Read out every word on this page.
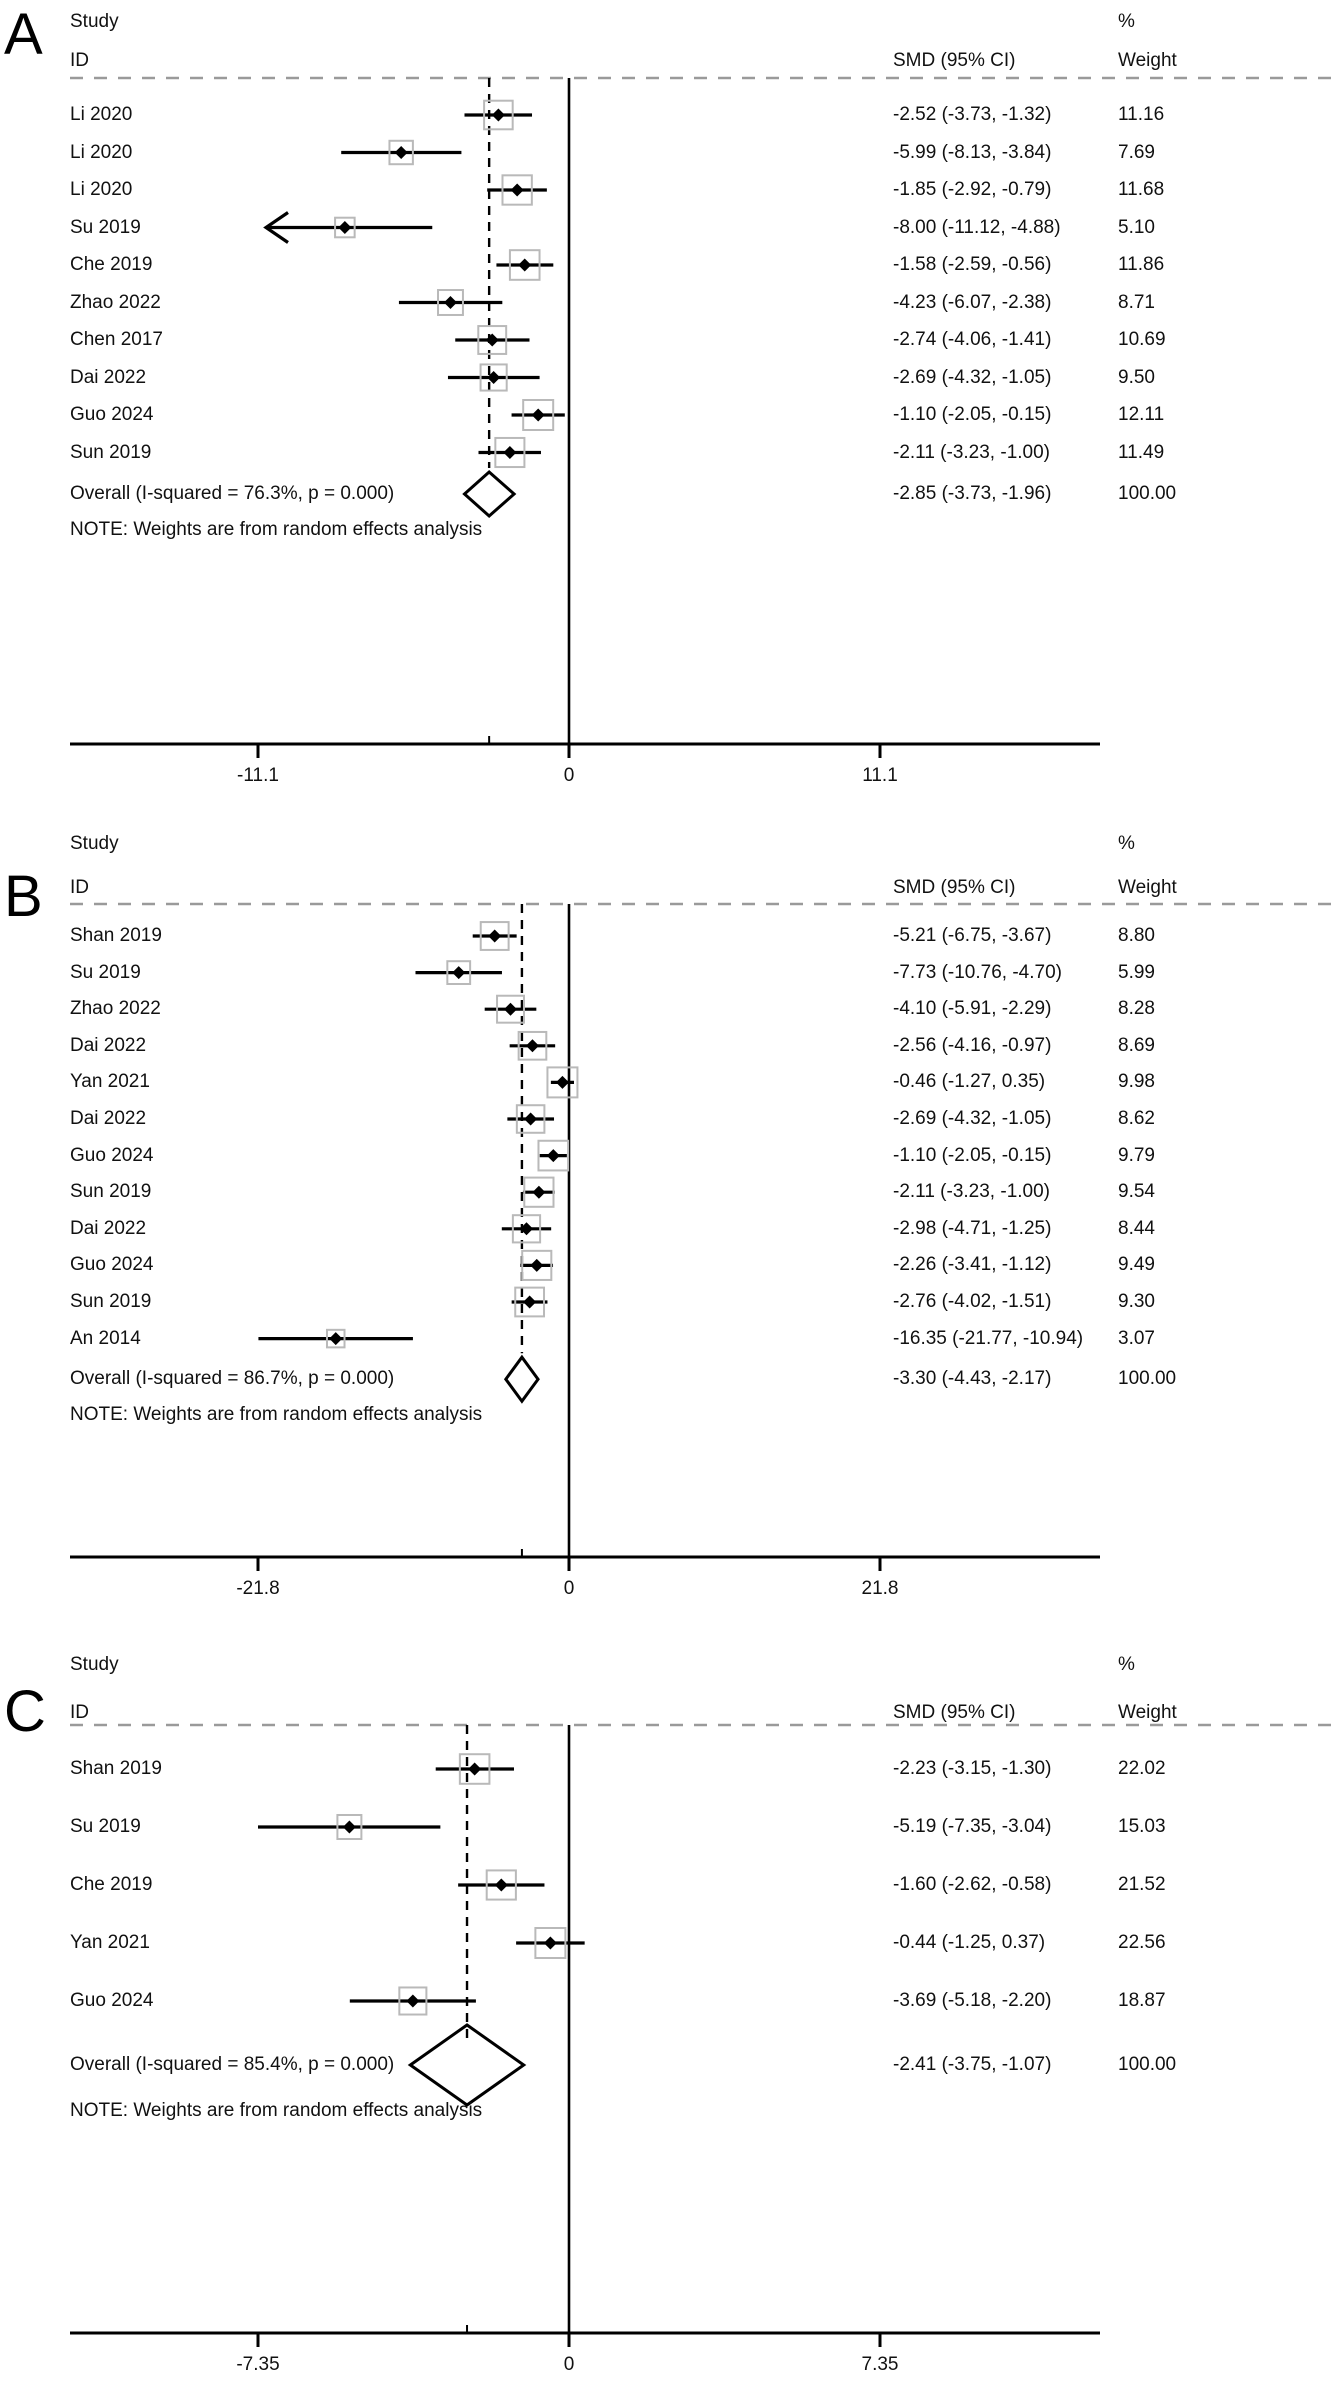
A Study
ID
%
SMD (95% CI)	Weight
Li 2020	-2.52 (-3.73, -1.32)	11.16
Li 2020	-5.99 (-8.13, -3.84)	7.69
Li 2020	-1.85 (-2.92, -0.79)	11.68
Su 2019	-8.00 (-11.12, -4.88)	5.10
Che 2019	-1.58 (-2.59, -0.56)	11.86
Zhao 2022	-4.23 (-6.07, -2.38)	8.71
Chen 2017	-2.74 (-4.06, -1.41)	10.69
Dai 2022	-2.69 (-4.32, -1.05)	9.50
Guo 2024	-1.10 (-2.05, -0.15)	12.11
Sun 2019	-2.11 (-3.23, -1.00)	11.49
Overall (I-squared = 76.3%, p = 0.000)	-2.85 (-3.73, -1.96)	100.00
NOTE: Weights are from random effects analysis
-11.1	0	11.1
B
Study
ID
%
SMD (95% CI)	Weight
Shan 2019	-5.21 (-6.75, -3.67)	8.80
Su 2019	-7.73 (-10.76, -4.70)	5.99
Zhao 2022	-4.10 (-5.91, -2.29)	8.28
Dai 2022	-2.56 (-4.16, -0.97)	8.69
Yan 2021	-0.46 (-1.27, 0.35)	9.98
Dai 2022	-2.69 (-4.32, -1.05)	8.62
Guo 2024	-1.10 (-2.05, -0.15)	9.79
Sun 2019	-2.11 (-3.23, -1.00)	9.54
Dai 2022	-2.98 (-4.71, -1.25)	8.44
Guo 2024	-2.26 (-3.41, -1.12)	9.49
Sun 2019	-2.76 (-4.02, -1.51)	9.30
An 2014	-16.35 (-21.77, -10.94) 3.07
Overall (I-squared = 86.7%, p = 0.000)	-3.30 (-4.43, -2.17)	100.00
NOTE: Weights are from random effects analysis
-21.8	0	21.8
C
Study
ID
%
SMD (95% CI)	Weight
Shan 2019	-2.23 (-3.15, -1.30)	22.02
Su 2019	-5.19 (-7.35, -3.04)	15.03
Che 2019	-1.60 (-2.62, -0.58)	21.52
Yan 2021	-0.44 (-1.25, 0.37)	22.56
Guo 2024	-3.69 (-5.18, -2.20)	18.87
Overall (I-squared = 85.4%, p = 0.000)	-2.41 (-3.75, -1.07)	100.00
NOTE: Weights are from random effects analysis
-7.35	0	7.35
